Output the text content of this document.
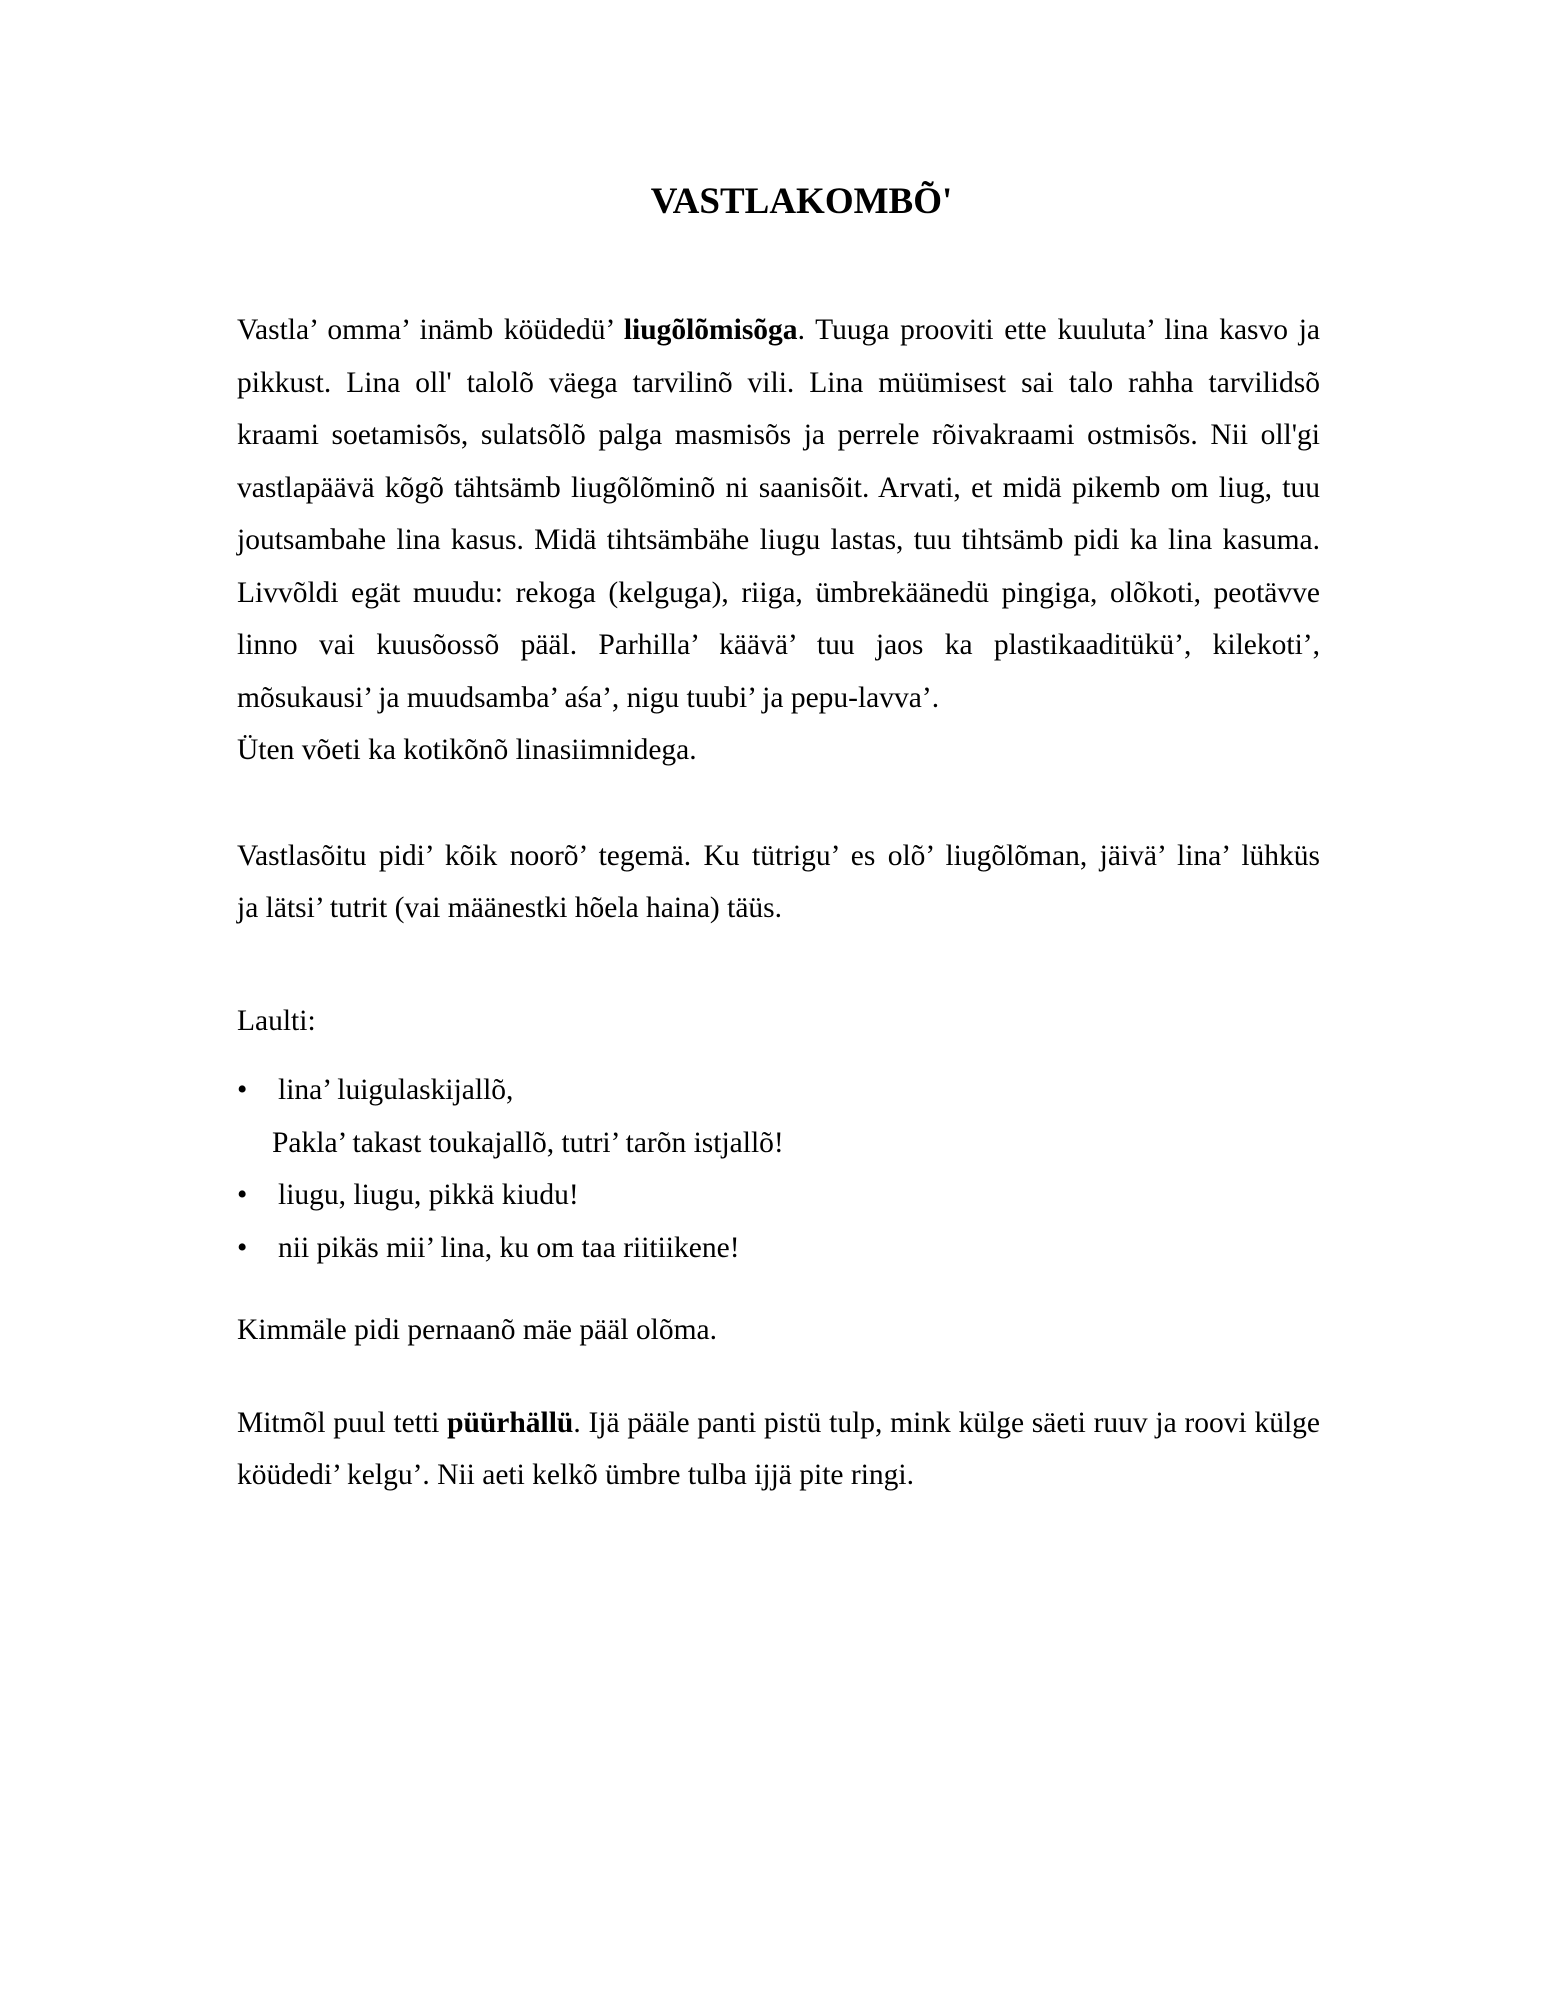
VASTLAKOMBÕ'
Vastla’ omma’ inämb köüdedü’ liugõlõmisõga. Tuuga prooviti ette kuuluta’ lina kasvo ja
pikkust. Lina oll' talolõ väega tarvilinõ vili. Lina müümisest sai talo rahha tarvilidsõ
kraami soetamisõs, sulatsõlõ palga masmisõs ja perrele rõivakraami ostmisõs. Nii oll'gi
vastlapäävä kõgõ tähtsämb liugõlõminõ ni saanisõit. Arvati, et midä pikemb om liug, tuu
joutsambahe lina kasus. Midä tihtsämbähe liugu lastas, tuu tihtsämb pidi ka lina kasuma.
Livvõldi egät muudu: rekoga (kelguga), riiga, ümbrekäänedü pingiga, olõkoti, peotävve
linno vai kuusõossõ pääl. Parhilla’ käävä’ tuu jaos ka plastikaaditükü’, kilekoti’,
mõsukausi’ ja muudsamba’ aśa’, nigu tuubi’ ja pepu-lavva’.
Üten võeti ka kotikõnõ linasiimnidega.
Vastlasõitu pidi’ kõik noorõ’ tegemä. Ku tütrigu’ es olõ’ liugõlõman, jäivä’ lina’ lühküs
ja lätsi’ tutrit (vai määnestki hõela haina) täüs.
Laulti:
• lina’ luigulaskijallõ,
Pakla’ takast toukajallõ, tutri’ tarõn istjallõ!
• liugu, liugu, pikkä kiudu!
• nii pikäs mii’ lina, ku om taa riitiikene!
Kimmäle pidi pernaanõ mäe pääl olõma.
Mitmõl puul tetti püürhällü. Ijä pääle panti pistü tulp, mink külge säeti ruuv ja roovi külge
köüdedi’ kelgu’. Nii aeti kelkõ ümbre tulba ijjä pite ringi.
